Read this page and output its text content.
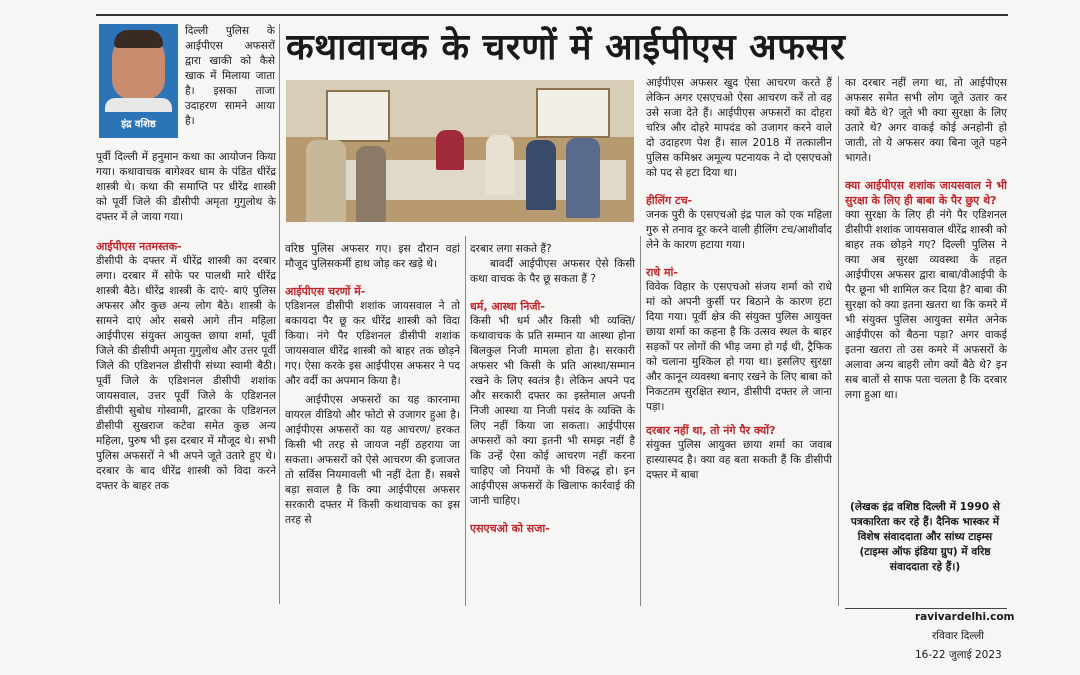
इंद्र वशिष्ठ

दिल्ली पुलिस के आईपीएस अफसरों द्वारा खाकी को कैसे खाक में मिलाया जाता है। इसका ताजा उदाहरण सामने आया है।

कथावाचक के चरणों में आईपीएस अफसर

पूर्वी दिल्ली में हनुमान कथा का आयोजन किया गया। कथावाचक बागेश्वर धाम के पंडित धीरेंद्र शास्त्री थे। कथा की समाप्ति पर धीरेंद्र शास्त्री को पूर्वी जिले की डीसीपी अमृता गुगुलोथ के दफ्तर में ले जाया गया।

आईपीएस नतमस्तक-

डीसीपी के दफ्तर में धीरेंद्र शास्त्री का दरबार लगा। दरबार में सोफे पर पालथी मारे धीरेंद्र शास्त्री बैठे। धीरेंद्र शास्त्री के दाएं- बाएं पुलिस अफसर और कुछ अन्य लोग बैठे। शास्त्री के सामने दाएं ओर सबसे आगे तीन महिला आईपीएस संयुक्त आयुक्त छाया शर्मा, पूर्वी जिले की डीसीपी अमृता गुगुलोथ और उत्तर पूर्वी जिले की एडिशनल डीसीपी संध्या स्वामी बैठी। पूर्वी जिले के एडिशनल डीसीपी शशांक जायसवाल, उत्तर पूर्वी जिले के एडिशनल डीसीपी सुबोध गोस्वामी, द्वारका के एडिशनल डीसीपी सुखराज कटेवा समेत कुछ अन्य महिला, पुरुष भी इस दरबार में मौजूद थे। सभी पुलिस अफसरों ने भी अपने जूते उतारे हुए थे। दरबार के बाद धीरेंद्र शास्त्री को विदा करने दफ्तर के बाहर तक

वरिष्ठ पुलिस अफसर गए। इस दौरान वहां मौजूद पुलिसकर्मी हाथ जोड़ कर खड़े थे।

आईपीएस चरणों में-

एडिशनल डीसीपी शशांक जायसवाल ने तो बकायदा पैर छू कर धीरेंद्र शास्त्री को विदा किया। नंगे पैर एडिशनल डीसीपी शशांक जायसवाल धीरेंद्र शास्त्री को बाहर तक छोड़ने गए। ऐसा करके इस आईपीएस अफसर ने पद और वर्दी का अपमान किया है।

आईपीएस अफसरों का यह कारनामा वायरल वीडियो और फोटो से उजागर हुआ है। आईपीएस अफसरों का यह आचरण/ हरकत किसी भी तरह से जायज नहीं ठहराया जा सकता। अफसरों को ऐसे आचरण की इजाजत तो सर्विस नियमावली भी नहीं देता हैं। सबसे बड़ा सवाल है कि क्या आईपीएस अफसर सरकारी दफ्तर में किसी कथावाचक का इस तरह से

दरबार लगा सकते हैं?

बावर्दी आईपीएस अफसर ऐसे किसी कथा वाचक के पैर छू सकता हैं ?

धर्म, आस्था निजी-

किसी भी धर्म और किसी भी व्यक्ति/ कथावाचक के प्रति सम्मान या आस्था होना बिलकुल निजी मामला होता है। सरकारी अफसर भी किसी के प्रति आस्था/सम्मान रखने के लिए स्वतंत्र है। लेकिन अपने पद और सरकारी दफ्तर का इस्तेमाल अपनी निजी आस्था या निजी पसंद के व्यक्ति के लिए नहीं किया जा सकता। आईपीएस अफसरों को क्या इतनी भी समझ नहीं है कि उन्हें ऐसा कोई आचरण नहीं करना चाहिए जो नियमों के भी विरुद्ध हो। इन आईपीएस अफसरों के खिलाफ कार्रवाई की जानी चाहिए।

एसएचओ को सजा-

आईपीएस अफसर खुद ऐसा आचरण करते हैं लेकिन अगर एसएचओ ऐसा आचरण करें तो वह उसे सजा देते हैं। आईपीएस अफसरों का दोहरा चरित्र और दोहरे मापदंड को उजागर करने वाले दो उदाहरण पेश हैं। साल 2018 में तत्कालीन पुलिस कमिश्नर अमूल्य पटनायक ने दो एसएचओ को पद से हटा दिया था।

हीलिंग टच-

जनक पुरी के एसएचओ इंद्र पाल को एक महिला गुरु से तनाव दूर करने वाली हीलिंग टच/आशीर्वाद लेने के कारण हटाया गया।

राधे मां-

विवेक विहार के एसएचओ संजय शर्मा को राधे मां को अपनी कुर्सी पर बिठाने के कारण हटा दिया गया। पूर्वी क्षेत्र की संयुक्त पुलिस आयुक्त छाया शर्मा का कहना है कि उत्सव स्थल के बाहर सड़कों पर लोगों की भीड़ जमा हो गई थी, ट्रैफिक को चलाना मुश्किल हो गया था। इसलिए सुरक्षा और कानून व्यवस्था बनाए रखने के लिए बाबा को निकटतम सुरक्षित स्थान, डीसीपी दफ्तर ले जाना पड़ा।

दरबार नहीं था, तो नंगे पैर क्यों?

संयुक्त पुलिस आयुक्त छाया शर्मा का जवाब हास्यास्पद है। क्या वह बता सकती हैं कि डीसीपी दफ्तर में बाबा

का दरबार नहीं लगा था, तो आईपीएस अफसर समेत सभी लोग जूते उतार कर क्यों बैठे थे? जूते भी क्या सुरक्षा के लिए उतारे थे? अगर वाकई कोई अनहोनी हो जाती, तो ये अफसर क्या बिना जूते पहने भागते।

क्या आईपीएस शशांक जायसवाल ने भी सुरक्षा के लिए ही बाबा के पैर छुए थे?

क्या सुरक्षा के लिए ही नंगे पैर एडिशनल डीसीपी शशांक जायसवाल धीरेंद्र शास्त्री को बाहर तक छोड़ने गए? दिल्ली पुलिस ने क्या अब सुरक्षा व्यवस्था के तहत आईपीएस अफसर द्वारा बाबा/वीआईपी के पैर छूना भी शामिल कर दिया है? बाबा की सुरक्षा को क्या इतना खतरा था कि कमरे में भी संयुक्त पुलिस आयुक्त समेत अनेक आईपीएस को बैठना पड़ा? अगर वाकई इतना खतरा तो उस कमरे में अफसरों के अलावा अन्य बाहरी लोग क्यों बैठे थे? इन सब बातों से साफ पता चलता है कि दरबार लगा हुआ था।

(लेखक इंद्र वशिष्ठ दिल्ली में 1990 से पत्रकारिता कर रहे हैं। दैनिक भास्कर में विशेष संवाददाता और सांध्य टाइम्स (टाइम्स ऑफ इंडिया ग्रुप) में वरिष्ठ संवाददाता रहे हैं।)
ravivardelhi.com
रविवार दिल्ली
16-22 जुलाई 2023
